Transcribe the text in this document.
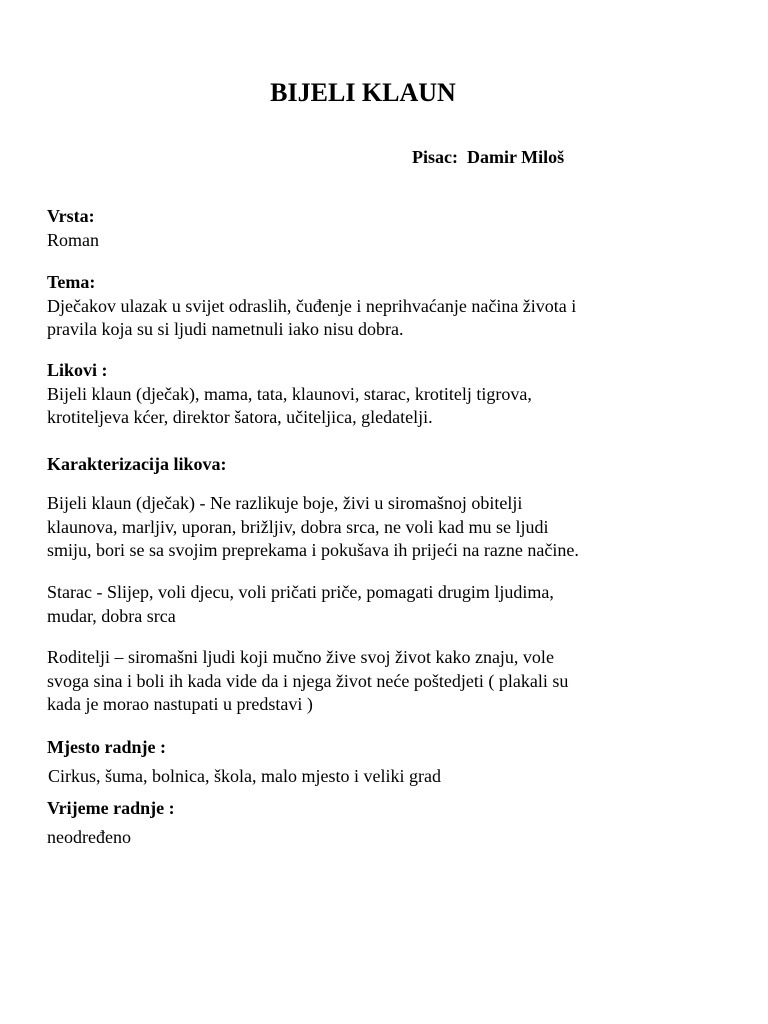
BIJELI KLAUN
Pisac: Damir Miloš
Vrsta:
Roman
Tema:
Dječakov ulazak u svijet odraslih, čuđenje i neprihvaćanje načina života i
pravila koja su si ljudi nametnuli iako nisu dobra.
Likovi :
Bijeli klaun (dječak), mama, tata, klaunovi, starac, krotitelj tigrova,
krotiteljeva kćer, direktor šatora, učiteljica, gledatelji.
Karakterizacija likova:
Bijeli klaun (dječak) - Ne razlikuje boje, živi u siromašnoj obitelji
klaunova, marljiv, uporan, brižljiv, dobra srca, ne voli kad mu se ljudi
smiju, bori se sa svojim preprekama i pokušava ih prijeći na razne načine.
Starac - Slijep, voli djecu, voli pričati priče, pomagati drugim ljudima,
mudar, dobra srca
Roditelji – siromašni ljudi koji mučno žive svoj život kako znaju, vole
svoga sina i boli ih kada vide da i njega život neće poštedjeti ( plakali su
kada je morao nastupati u predstavi )
Mjesto radnje :
Cirkus, šuma, bolnica, škola, malo mjesto i veliki grad
Vrijeme radnje :
neodređeno
